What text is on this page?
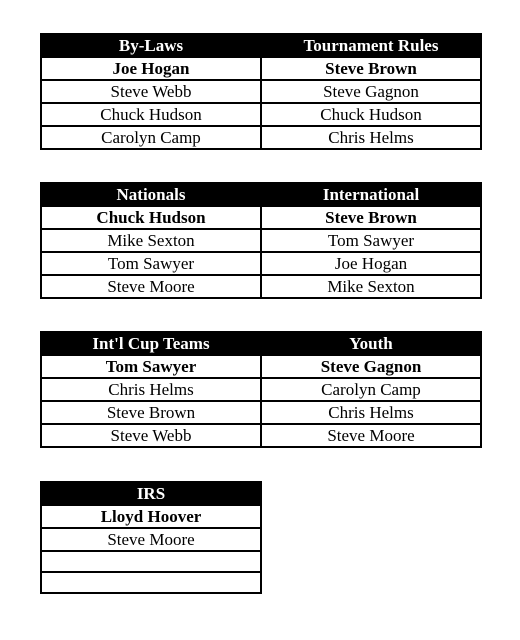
By-Laws	Tournament Rules
Joe Hogan	Steve Brown
Steve Webb	Steve Gagnon
Chuck Hudson	Chuck Hudson
Carolyn Camp	Chris Helms
Nationals	International
Chuck Hudson	Steve Brown
Mike Sexton	Tom Sawyer
Tom Sawyer	Joe Hogan
Steve Moore	Mike Sexton
Int'l Cup Teams	Youth
Tom Sawyer	Steve Gagnon
Chris Helms	Carolyn Camp
Steve Brown	Chris Helms
Steve Webb	Steve Moore
IRS
Lloyd Hoover
Steve Moore
